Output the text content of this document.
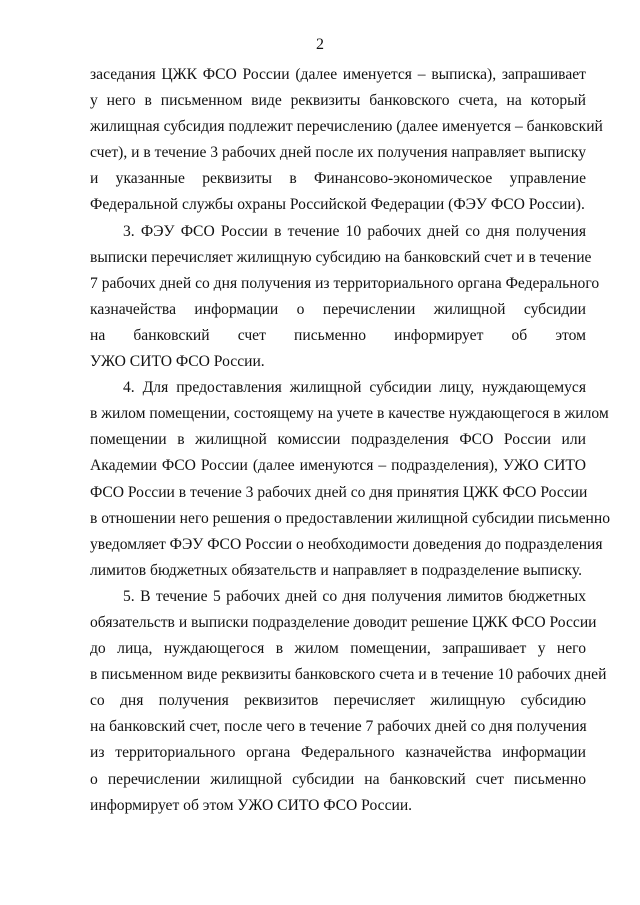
2

заседания ЦЖК ФСО России (далее именуется – выписка), запрашивает
у него в письменном виде реквизиты банковского счета, на который
жилищная субсидия подлежит перечислению (далее именуется – банковский
счет), и в течение 3 рабочих дней после их получения направляет выписку
и указанные реквизиты в Финансово-экономическое управление
Федеральной службы охраны Российской Федерации (ФЭУ ФСО России).

3. ФЭУ ФСО России в течение 10 рабочих дней со дня получения
выписки перечисляет жилищную субсидию на банковский счет и в течение
7 рабочих дней со дня получения из территориального органа Федерального
казначейства информации о перечислении жилищной субсидии
на банковский счет письменно информирует об этом
УЖО СИТО ФСО России.

4. Для предоставления жилищной субсидии лицу, нуждающемуся
в жилом помещении, состоящему на учете в качестве нуждающегося в жилом
помещении в жилищной комиссии подразделения ФСО России или
Академии ФСО России (далее именуются – подразделения), УЖО СИТО
ФСО России в течение 3 рабочих дней со дня принятия ЦЖК ФСО России
в отношении него решения о предоставлении жилищной субсидии письменно
уведомляет ФЭУ ФСО России о необходимости доведения до подразделения
лимитов бюджетных обязательств и направляет в подразделение выписку.

5. В течение 5 рабочих дней со дня получения лимитов бюджетных
обязательств и выписки подразделение доводит решение ЦЖК ФСО России
до лица, нуждающегося в жилом помещении, запрашивает у него
в письменном виде реквизиты банковского счета и в течение 10 рабочих дней
со дня получения реквизитов перечисляет жилищную субсидию
на банковский счет, после чего в течение 7 рабочих дней со дня получения
из территориального органа Федерального казначейства информации
о перечислении жилищной субсидии на банковский счет письменно
информирует об этом УЖО СИТО ФСО России.
